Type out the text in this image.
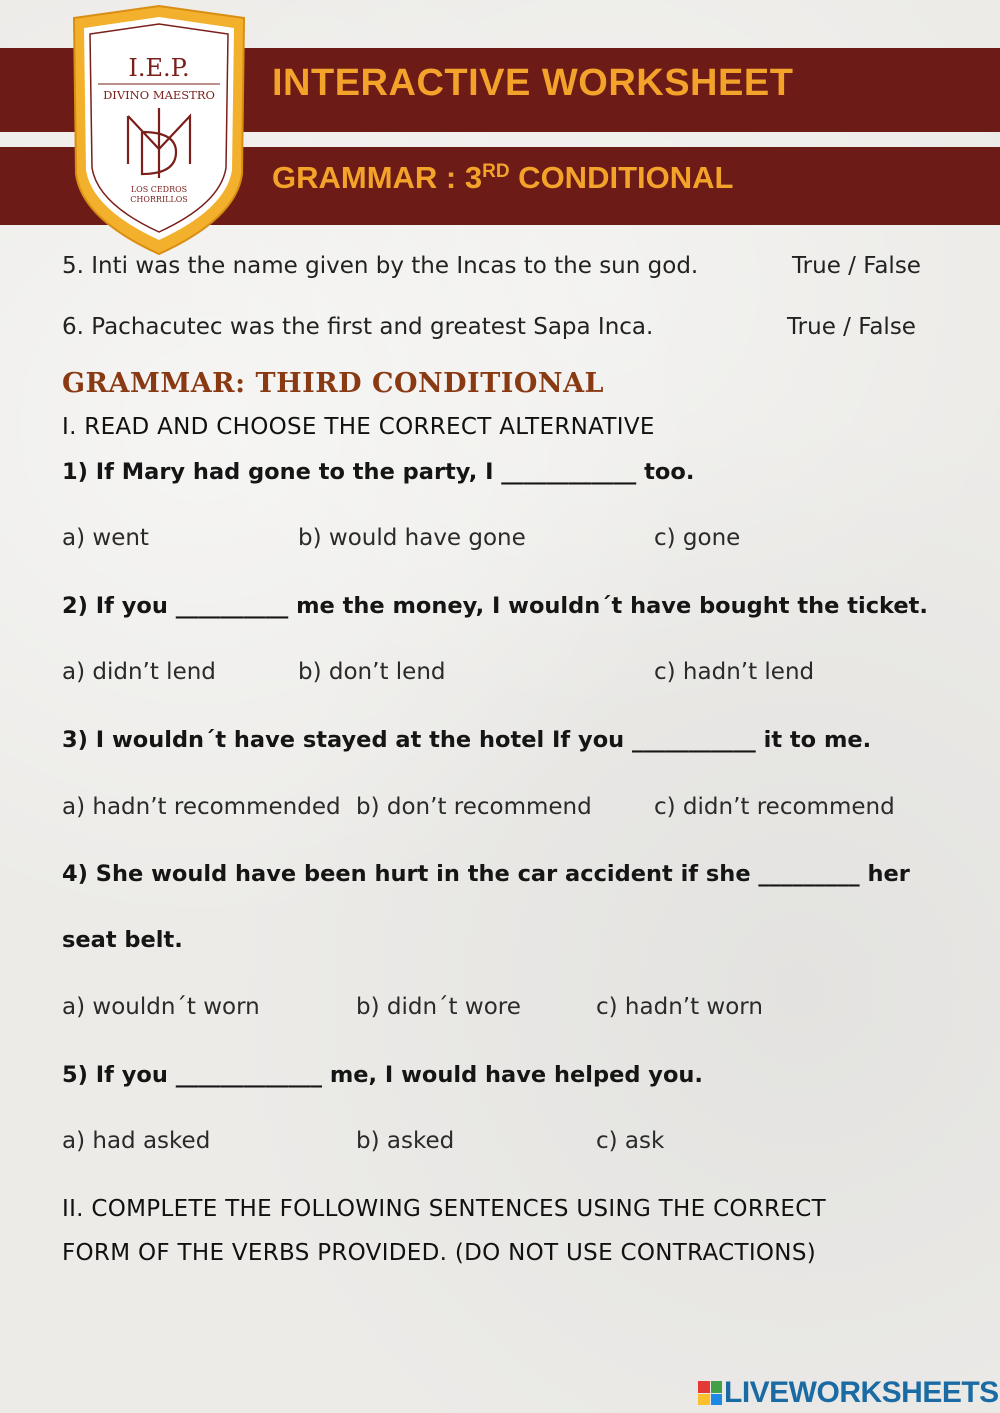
INTERACTIVE WORKSHEET
GRAMMAR : 3RD CONDITIONAL
I.E.P.
DIVINO MAESTRO
LOS CEDROS
CHORRILLOS
5. Inti was the name given by the Incas to the sun god.	True / False
6. Pachacutec was the first and greatest Sapa Inca.	True / False
GRAMMAR: THIRD CONDITIONAL
I. READ AND CHOOSE THE CORRECT ALTERNATIVE
1) If Mary had gone to the party, I ____________ too.
a) went	b) would have gone	c) gone
2) If you __________ me the money, I wouldn´t have bought the ticket.
a) didn’t lend	b) don’t lend	c) hadn’t lend
3) I wouldn´t have stayed at the hotel If you ___________ it to me.
a) hadn’t recommended b) don’t recommend	c) didn’t recommend
4) She would have been hurt in the car accident if she _________ her
seat belt.
a) wouldn´t worn	b) didn´t wore	c) hadn’t worn
5) If you _____________ me, I would have helped you.
a) had asked	b) asked	c) ask
II. COMPLETE THE FOLLOWING SENTENCES USING THE CORRECT
FORM OF THE VERBS PROVIDED. (DO NOT USE CONTRACTIONS)
LIVEWORKSHEETS
